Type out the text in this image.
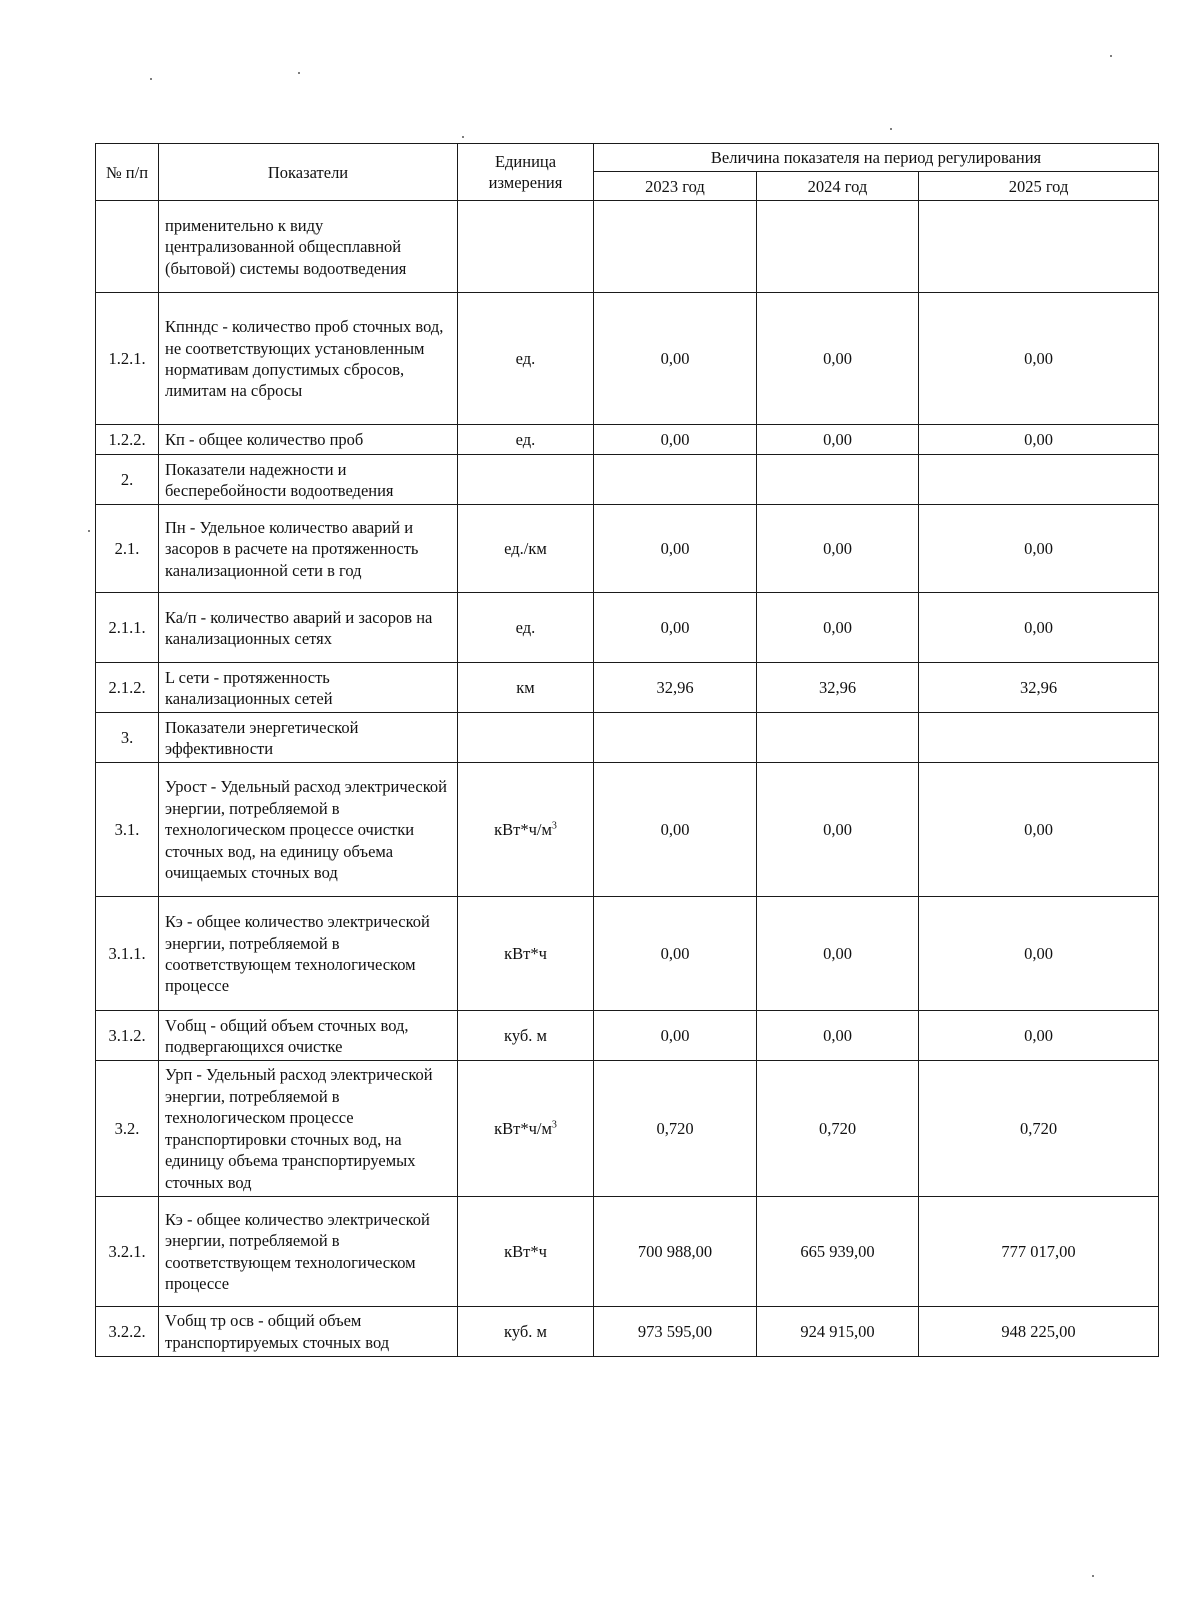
№ п/п	Показатели	Единица измерения	Величина показателя на период регулирования		
			2023 год	2024 год	2025 год
	применительно к виду централизованной общесплавной (бытовой) системы водоотведения				
1.2.1.	Кпнндс - количество проб сточных вод, не соответствующих установленным нормативам допустимых сбросов, лимитам на сбросы	ед.	0,00	0,00	0,00
1.2.2.	Кп - общее количество проб	ед.	0,00	0,00	0,00
2.	Показатели надежности и бесперебойности водоотведения				
2.1.	Пн - Удельное количество аварий и засоров в расчете на протяженность канализационной сети в год	ед./км	0,00	0,00	0,00
2.1.1.	Ка/п - количество аварий и засоров на канализационных сетях	ед.	0,00	0,00	0,00
2.1.2.	L сети - протяженность канализационных сетей	км	32,96	32,96	32,96
3.	Показатели энергетической эффективности				
3.1.	Урост - Удельный расход электрической энергии, потребляемой в технологическом процессе очистки сточных вод, на единицу объема очищаемых сточных вод	$кВт*ч/м^3$	0,00	0,00	0,00
3.1.1.	Кэ - общее количество электрической энергии, потребляемой в соответствующем технологическом процессе	кВт*ч	0,00	0,00	0,00
3.1.2.	Vобщ - общий объем сточных вод, подвергающихся очистке	куб. м	0,00	0,00	0,00
3.2.	Урп - Удельный расход электрической энергии, потребляемой в технологическом процессе транспортировки сточных вод, на единицу объема транспортируемых сточных вод	$кВт*ч/м^3$	0,720	0,720	0,720
3.2.1.	Кэ - общее количество электрической энергии, потребляемой в соответствующем технологическом процессе	кВт*ч	700 988,00	665 939,00	777 017,00
3.2.2.	Vобщ тр осв - общий объем транспортируемых сточных вод	куб. м	973 595,00	924 915,00	948 225,00
